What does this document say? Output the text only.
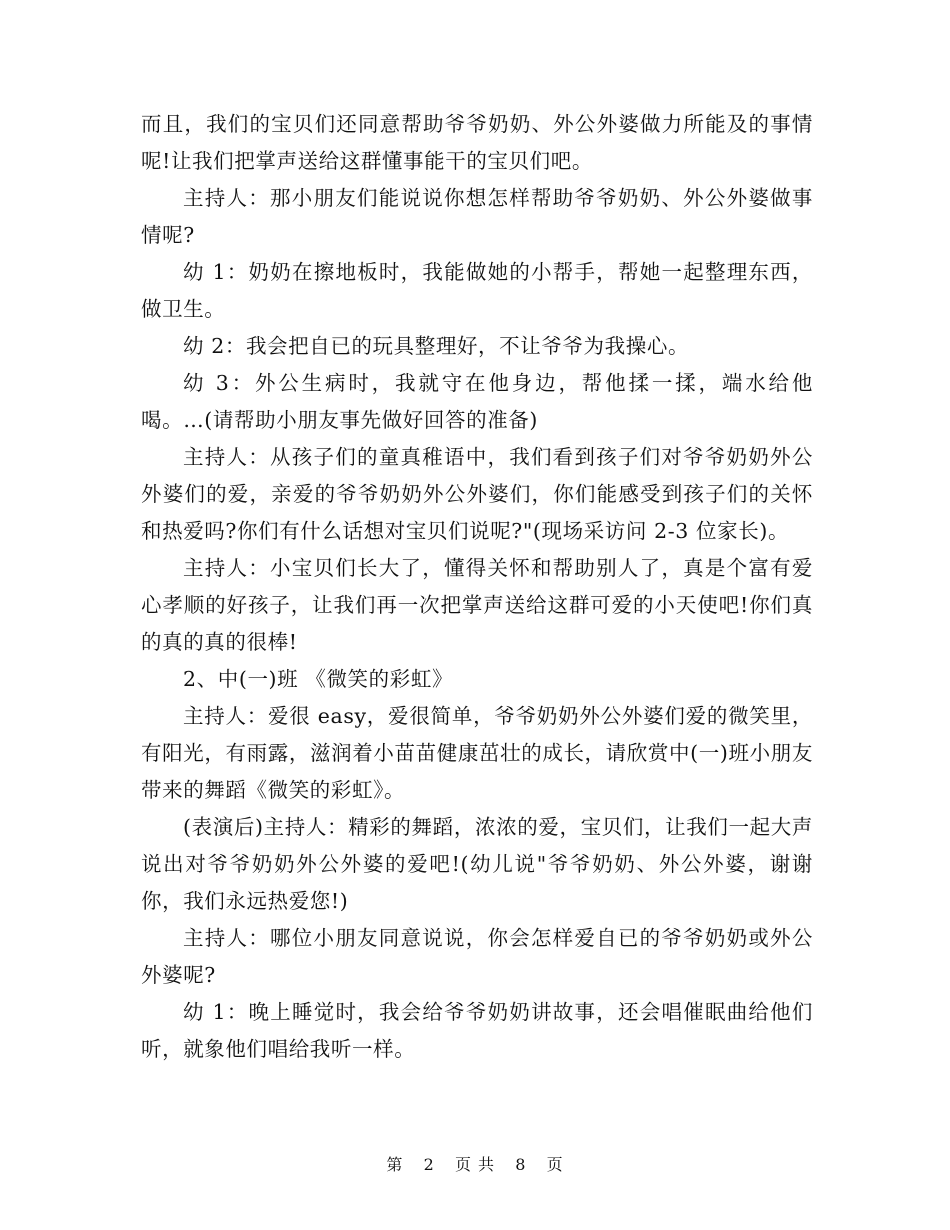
而且，我们的宝贝们还同意帮助爷爷奶奶、外公外婆做力所能及的事情呢!让我们把掌声送给这群懂事能干的宝贝们吧。

主持人：那小朋友们能说说你想怎样帮助爷爷奶奶、外公外婆做事情呢?

幼 1：奶奶在擦地板时，我能做她的小帮手，帮她一起整理东西，做卫生。

幼 2：我会把自已的玩具整理好，不让爷爷为我操心。

幼 3：外公生病时，我就守在他身边，帮他揉一揉，端水给他喝。…(请帮助小朋友事先做好回答的准备)

主持人：从孩子们的童真稚语中，我们看到孩子们对爷爷奶奶外公外婆们的爱，亲爱的爷爷奶奶外公外婆们，你们能感受到孩子们的关怀和热爱吗?你们有什么话想对宝贝们说呢?"(现场采访问 2-3 位家长)。

主持人：小宝贝们长大了，懂得关怀和帮助别人了，真是个富有爱心孝顺的好孩子，让我们再一次把掌声送给这群可爱的小天使吧!你们真的真的真的很棒!

2、中(一)班 《微笑的彩虹》

主持人：爱很 easy，爱很简单，爷爷奶奶外公外婆们爱的微笑里，有阳光，有雨露，滋润着小苗苗健康茁壮的成长，请欣赏中(一)班小朋友带来的舞蹈《微笑的彩虹》。

(表演后)主持人：精彩的舞蹈，浓浓的爱，宝贝们，让我们一起大声说出对爷爷奶奶外公外婆的爱吧!(幼儿说"爷爷奶奶、外公外婆，谢谢你，我们永远热爱您!)

主持人：哪位小朋友同意说说，你会怎样爱自已的爷爷奶奶或外公外婆呢?

幼 1：晚上睡觉时，我会给爷爷奶奶讲故事，还会唱催眠曲给他们听，就象他们唱给我听一样。

第 2 页 共 8 页
